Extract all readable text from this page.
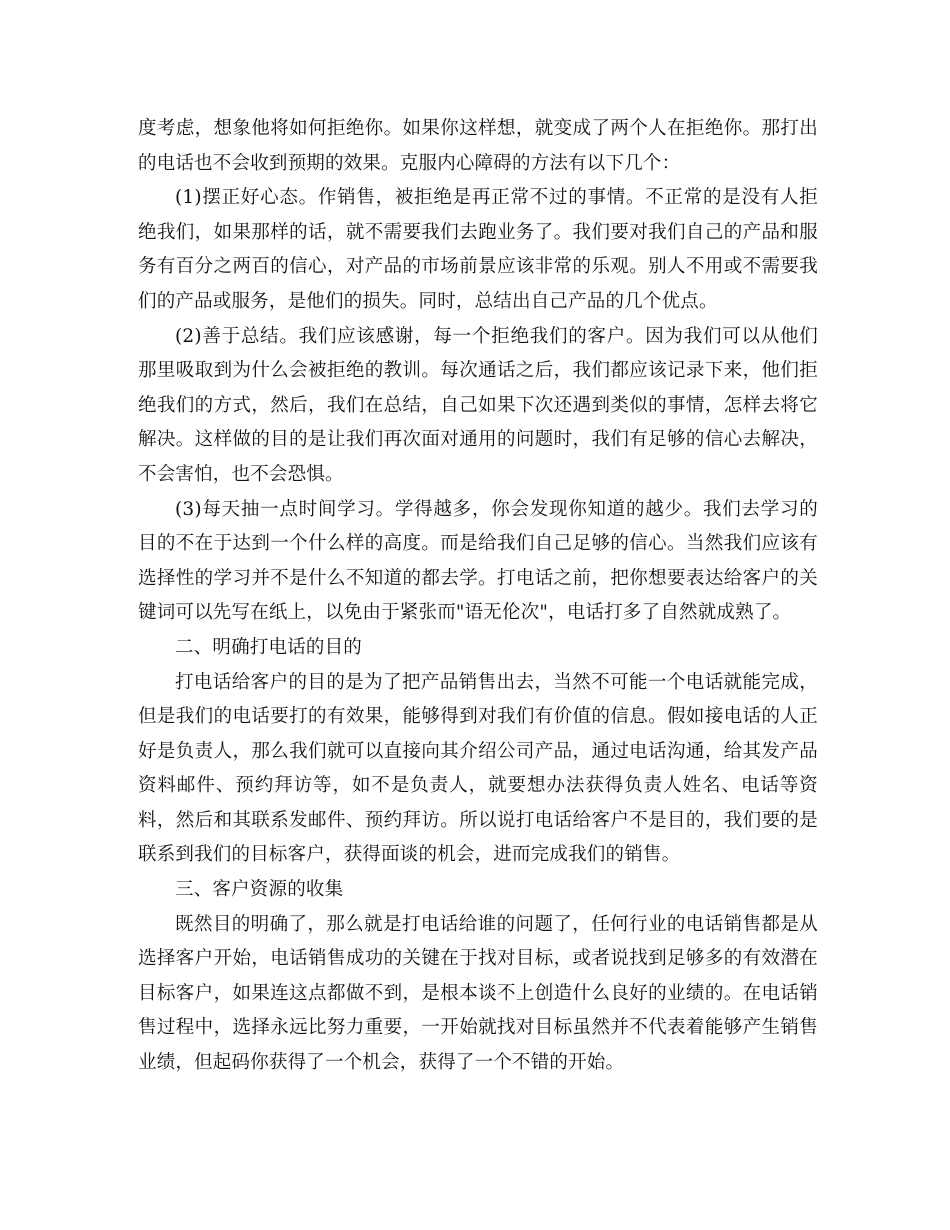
度考虑，想象他将如何拒绝你。如果你这样想，就变成了两个人在拒绝你。那打出的电话也不会收到预期的效果。克服内心障碍的方法有以下几个：

(1)摆正好心态。作销售，被拒绝是再正常不过的事情。不正常的是没有人拒绝我们，如果那样的话，就不需要我们去跑业务了。我们要对我们自己的产品和服务有百分之两百的信心，对产品的市场前景应该非常的乐观。别人不用或不需要我们的产品或服务，是他们的损失。同时，总结出自己产品的几个优点。

(2)善于总结。我们应该感谢，每一个拒绝我们的客户。因为我们可以从他们那里吸取到为什么会被拒绝的教训。每次通话之后，我们都应该记录下来，他们拒绝我们的方式，然后，我们在总结，自己如果下次还遇到类似的事情，怎样去将它解决。这样做的目的是让我们再次面对通用的问题时，我们有足够的信心去解决，不会害怕，也不会恐惧。

(3)每天抽一点时间学习。学得越多，你会发现你知道的越少。我们去学习的目的不在于达到一个什么样的高度。而是给我们自己足够的信心。当然我们应该有选择性的学习并不是什么不知道的都去学。打电话之前，把你想要表达给客户的关键词可以先写在纸上，以免由于紧张而"语无伦次"，电话打多了自然就成熟了。

二、明确打电话的目的

打电话给客户的目的是为了把产品销售出去，当然不可能一个电话就能完成，但是我们的电话要打的有效果，能够得到对我们有价值的信息。假如接电话的人正好是负责人，那么我们就可以直接向其介绍公司产品，通过电话沟通，给其发产品资料邮件、预约拜访等，如不是负责人，就要想办法获得负责人姓名、电话等资料，然后和其联系发邮件、预约拜访。所以说打电话给客户不是目的，我们要的是联系到我们的目标客户，获得面谈的机会，进而完成我们的销售。

三、客户资源的收集

既然目的明确了，那么就是打电话给谁的问题了，任何行业的电话销售都是从选择客户开始，电话销售成功的关键在于找对目标，或者说找到足够多的有效潜在目标客户，如果连这点都做不到，是根本谈不上创造什么良好的业绩的。在电话销售过程中，选择永远比努力重要，一开始就找对目标虽然并不代表着能够产生销售业绩，但起码你获得了一个机会，获得了一个不错的开始。
